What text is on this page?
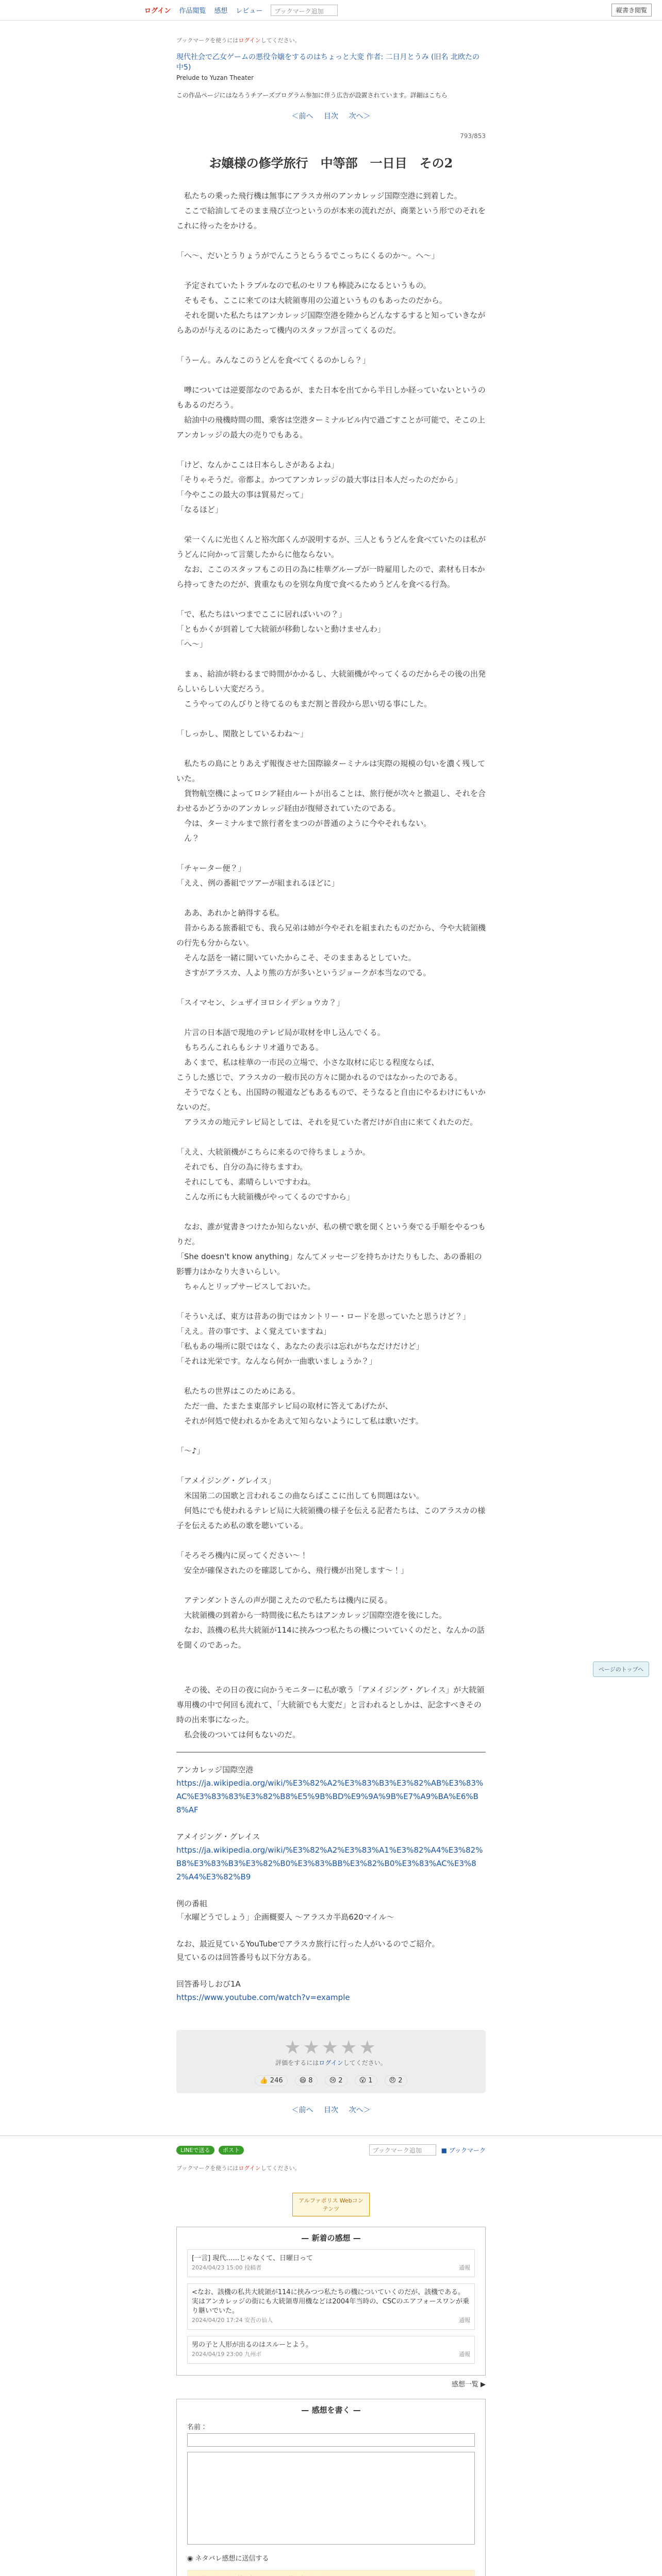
ログイン 作品閲覧 感想 レビュー	ブックマーク追加	縦書き閲覧
ブックマークを使うにはログインしてください。
現代社会で乙女ゲームの悪役令嬢をするのはちょっと大変 作者: 二日月とうみ (旧名 北欧たの中5)
Prelude to Yuzan Theater
この作品ページにはなろうチアーズプログラム参加に伴う広告が設置されています。詳細はこちら
＜前へ 目次 次へ＞
793/853
お嬢様の修学旅行　中等部　一日目　その2

　私たちの乗った飛行機は無事にアラスカ州のアンカレッジ国際空港に到着した。

　ここで給油してそのまま飛び立つというのが本来の流れだが、商業という形でのそれをこれに待ったをかける。

「へ〜、だいとうりょうがでんこうとらうるでこっちにくるのか〜。へ〜」

　予定されていたトラブルなので私のセリフも棒読みになるというもの。

　そもそも、ここに来てのは大統領専用の公道というものもあったのだから。

　それを聞いた私たちはアンカレッジ国際空港を陸からどんなするすると知っていきながらあのが与えるのにあたって機内のスタッフが言ってくるのだ。

「うーん。みんなこのうどんを食べてくるのかしら？」

　噂については逆要部なのであるが、また日本を出てから半日しか経っていないというのもあるのだろう。

　給油中の飛機時間の間、乗客は空港ターミナルビル内で過ごすことが可能で、そこの上アンカレッジの最大の売りでもある。

「けど、なんかここは日本らしさがあるよね」

「そりゃそうだ。帝都よ。かつてアンカレッジの最大事は日本人だったのだから」

「今やここの最大の事は貿易だって」

「なるほど」

　栄一くんに光也くんと裕次郎くんが説明するが、三人ともうどんを食べていたのは私がうどんに向かって言葉したからに他ならない。

　なお、ここのスタッフもこの日の為に桂華グループが一時雇用したので、素材も日本から持ってきたのだが、貴重なものを別な角度で食べるためうどんを食べる行為。

「で、私たちはいつまでここに居ればいいの？」

「ともかくが到着して大統領が移動しないと動けませんわ」

「へ〜」

　まぁ、給油が終わるまで時間がかかるし、大統領機がやってくるのだからその後の出発らしいらしい大変だろう。

　こうやってのんびりと待てるのもまだ割と普段から思い切る事にした。

「しっかし、閑散としているわね〜」

　私たちの島にとりあえず報復させた国際線ターミナルは実際の規模の匂いを濃く残していた。

　貨物航空機によってロシア経由ルートが出ることは、旅行便が次々と撤退し、それを合わせるかどうかのアンカレッジ経由が復帰されていたのである。

　今は、ターミナルまで旅行者をまつのが普通のように今やそれもない。

　ん？

「チャーター便？」

「ええ、例の番組でツアーが組まれるほどに」

　ああ、あれかと納得する私。

　昔からある旅番組でも、我ら兄弟は姉が今やそれを組まれたものだから、今や大統領機の行先も分からない。

　そんな話を一緒に聞いていたからこそ、そのままあるとしていた。

　さすがアラスカ、人より熊の方が多いというジョークが本当なのでる。

「スイマセン、シュザイヨロシイデショウカ？」

　片言の日本語で現地のテレビ局が取材を申し込んでくる。

　もちろんこれらもシナリオ通りである。

　あくまで、私は桂華の一市民の立場で、小さな取材に応じる程度ならば、

こうした感じで、アラスカの一般市民の方々に聞かれるのではなかったのである。

　そうでなくとも、出国時の報道などもあるもので、そうなると自由にやるわけにもいかないのだ。

　アラスカの地元テレビ局としては、それを見ていた者だけが自由に来てくれたのだ。

「ええ、大統領機がこちらに来るので待ちましょうか。

　それでも、自分の為に待ちますわ。

　それにしても、素晴らしいですわね。

　こんな所にも大統領機がやってくるのですから」

　なお、誰が覚書きつけたか知らないが、私の横で歌を聞くという奏でる手順をやるつもりだ。

「She doesn't know anything」なんてメッセージを持ちかけたりもした、あの番組の影響力はかなり大きいらしい。

　ちゃんとリップサービスしておいた。

「そういえば、東方は昔あの街ではカントリー・ロードを思っていたと思うけど？」

「ええ。昔の事です、よく覚えていますね」

「私もあの場所に限ではなく、あなたの表示は忘れがちなだけだけど」

「それは光栄です。なんなら何か一曲歌いましょうか？」

　私たちの世界はこのためにある。

　ただ一曲、たまたま東部テレビ局の取材に答えてあげたが、

　それが何処で使われるかをあえて知らないようにして私は歌いだす。

「〜♪」

「アメイジング・グレイス」

　米国第二の国歌と言われるこの曲ならばここに出しても問題はない。

　何処にでも使われるテレビ局に大統領機の様子を伝える記者たちは、このアラスカの様子を伝えるため私の歌を聴いている。

「そろそろ機内に戻ってください〜！

　安全が確保されたのを確認してから、飛行機が出発します〜！」

　アテンダントさんの声が聞こえたので私たちは機内に戻る。

　大統領機の到着から一時間後に私たちはアンカレッジ国際空港を後にした。

　なお、該機の私共大統領が114に挟みつつ私たちの機についていくのだと、なんかの話を聞くのであった。

　その後、その日の夜に向かうモニターに私が歌う「アメイジング・グレイス」が大統領専用機の中で何回も流れて、「大統領でも大変だ」と言われるとしかは、記念すべきその時の出来事になった。

　私会後のついては何もないのだ。

アンカレッジ国際空港

https://ja.wikipedia.org/wiki/%E3%82%A2%E3%83%B3%E3%82%AB%E3%83%AC%E3%83%83%E3%82%B8%E5%9B%BD%E9%9A%9B%E7%A9%BA%E6%B8%AF

アメイジング・グレイス

https://ja.wikipedia.org/wiki/%E3%82%A2%E3%83%A1%E3%82%A4%E3%82%B8%E3%83%B3%E3%82%B0%E3%83%BB%E3%82%B0%E3%83%AC%E3%82%A4%E3%82%B9

例の番組

「水曜どうでしょう」企画概要入 〜アラスカ半島620マイル〜

なお、最近見ているYouTubeでアラスカ旅行に行った人がいるのでご紹介。

見ているのは回答番号も以下分方ある。

回答番号しおび1A

https://www.youtube.com/watch?v=example

★★★★★
評価をするにはログインしてください。
👍 246	😆 8	😢 2	😮 1	😠 2
＜前へ 目次 次へ＞
LINEで送る ポスト	ブックマーク追加	■ ブックマーク
ブックマークを使うにはログインしてください。
アルファポリス Webコンテンツ
— 新着の感想 —
[一言] 現代……じゃなくて、日曜日って
2024/04/23 15:00 投稿者	通報
<なお、該機の私共大統領が114に挟みつつ私たちの機についていくのだが、該機である。実はアンカレッジの街にも大統領専用機などは2004年当時の、CSCのエアフォースワンが乗り継いでいた。
2024/04/20 17:24 安吾の仙人	通報
男の子と人形が出るのはスルーとよう。
2024/04/19 23:00 九州ボ	通報
感想一覧 ▶
— 感想を書く —
名前：
◉ ネタバレ感想に送信する
ページのトップへ
